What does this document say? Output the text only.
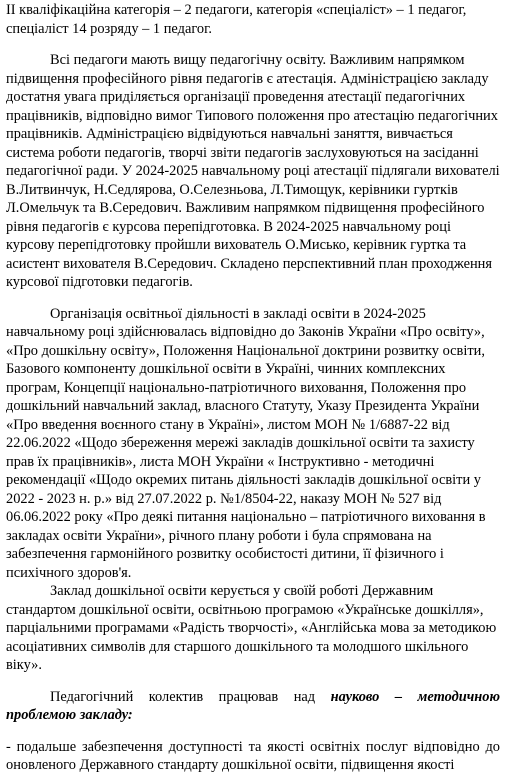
ІІ кваліфікаційна категорія – 2 педагоги, категорія «спеціаліст» – 1 педагог, спеціаліст 14 розряду – 1 педагог.

Всі педагоги мають вищу педагогічну освіту. Важливим напрямком підвищення професійного рівня педагогів є атестація. Адміністрацією закладу достатня увага приділяється організації проведення атестації педагогічних працівників, відповідно вимог Типового положення про атестацію педагогічних працівників. Адміністрацією відвідуються навчальні заняття, вивчається система роботи педагогів, творчі звіти педагогів заслуховуються на засіданні педагогічної ради. У 2024-2025 навчальному році атестації підлягали вихователі В.Литвинчук, Н.Седлярова, О.Селезньова, Л.Тимощук, керівники гуртків Л.Омельчук та В.Середович. Важливим напрямком підвищення професійного рівня педагогів є курсова перепідготовка. В 2024-2025 навчальному році курсову перепідготовку пройшли вихователь О.Мисько, керівник гуртка та асистент вихователя В.Середович. Складено перспективний план проходження курсової підготовки педагогів.

Організація освітньої діяльності в закладі освіти в 2024-2025 навчальному році здійснювалась відповідно до Законів України «Про освіту», «Про дошкільну освіту», Положення Національної доктрини розвитку освіти, Базового компоненту дошкільної освіти в Україні, чинних комплексних програм, Концепції національно-патріотичного виховання, Положення про дошкільний навчальний заклад, власного Статуту, Указу Президента України «Про введення воєнного стану в Україні», листом МОН № 1/6887-22 від 22.06.2022 «Щодо збереження мережі закладів дошкільної освіти та захисту прав їх працівників», листа МОН України « Інструктивно - методичні рекомендації «Щодо окремих питань діяльності закладів дошкільної освіти у 2022 - 2023 н. р.» від 27.07.2022 р. №1/8504-22, наказу МОН № 527 від 06.06.2022 року «Про деякі питання національно – патріотичного виховання в закладах освіти України», річного плану роботи і була спрямована на забезпечення гармонійного розвитку особистості дитини, її фізичного і психічного здоров'я.

Заклад дошкільної освіти керується у своїй роботі Державним стандартом дошкільної освіти, освітньою програмою «Українське дошкілля», парціальними програмами «Радість творчості», «Англійська мова за методикою асоціативних символів для старшого дошкільного та молодшого шкільного віку».

Педагогічний колектив працював над науково – методичною проблемою закладу:

- подальше забезпечення доступності та якості освітніх послуг відповідно до оновленого Державного стандарту дошкільної освіти, підвищення якості
